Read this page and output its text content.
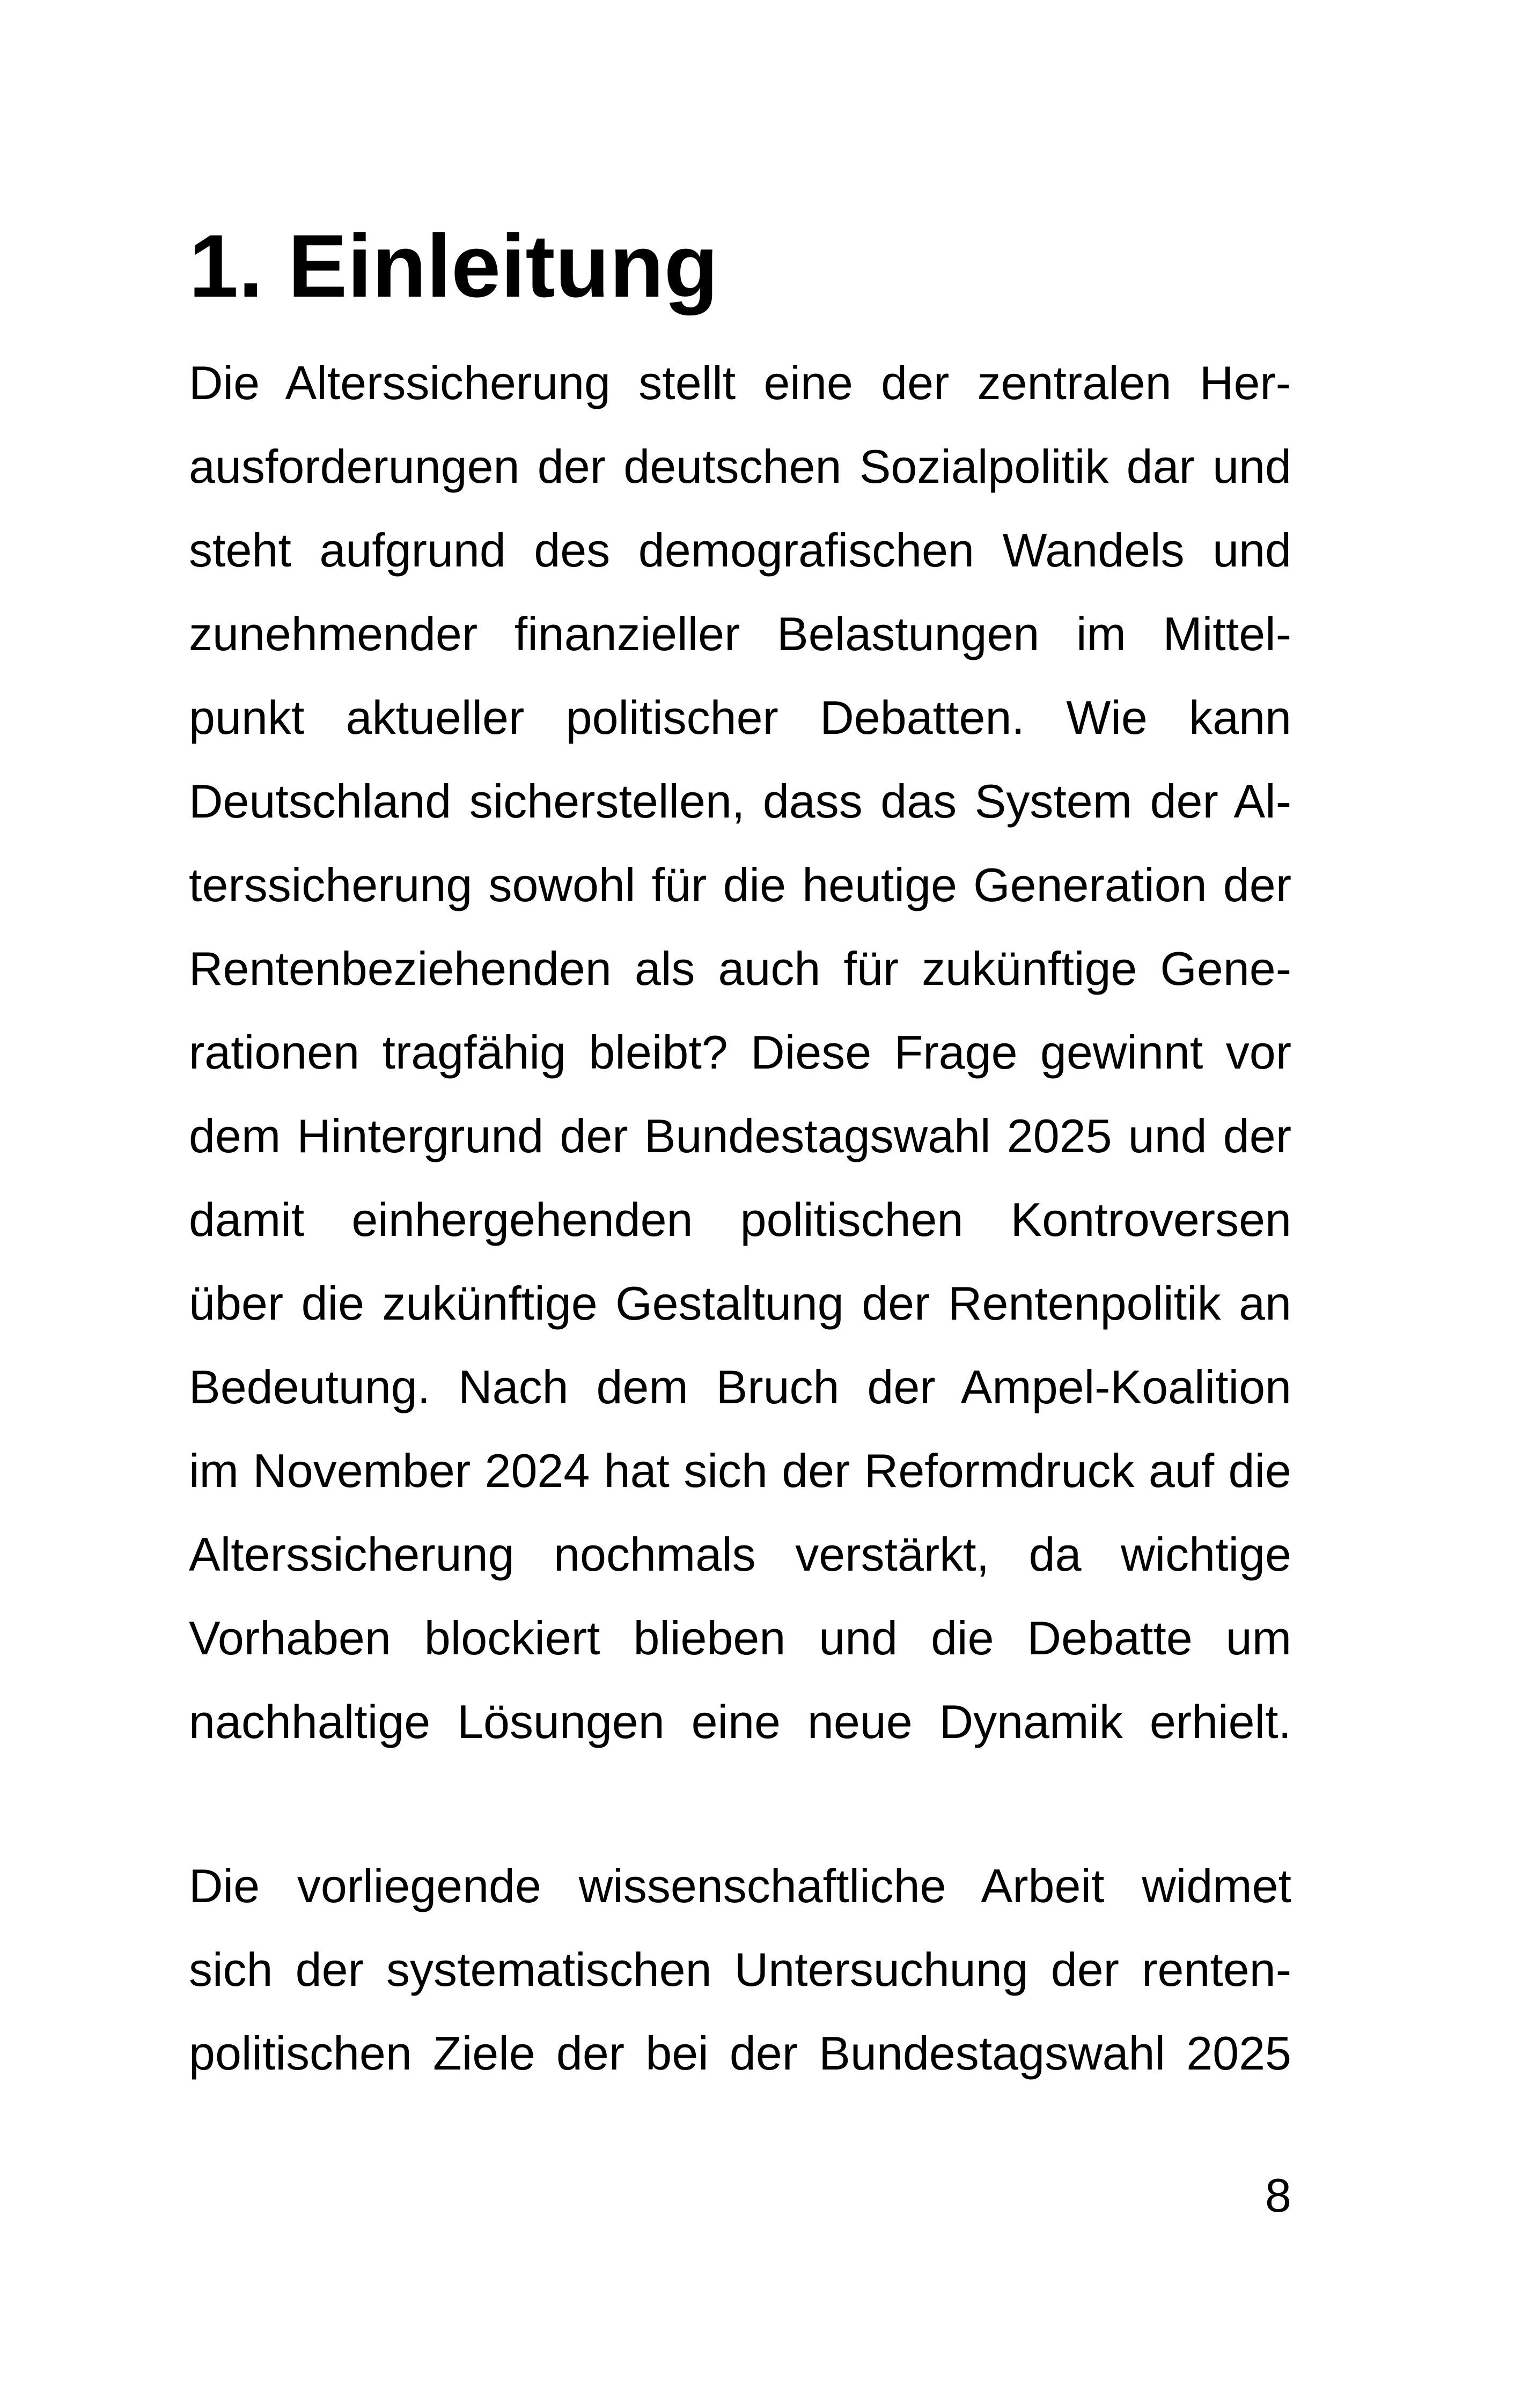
1. Einleitung
Die Alterssicherung stellt eine der zentralen Her-
ausforderungen der deutschen Sozialpolitik dar und
steht aufgrund des demografischen Wandels und
zunehmender finanzieller Belastungen im Mittel-
punkt aktueller politischer Debatten. Wie kann
Deutschland sicherstellen, dass das System der Al-
terssicherung sowohl für die heutige Generation der
Rentenbeziehenden als auch für zukünftige Gene-
rationen tragfähig bleibt? Diese Frage gewinnt vor
dem Hintergrund der Bundestagswahl 2025 und der
damit einhergehenden politischen Kontroversen
über die zukünftige Gestaltung der Rentenpolitik an
Bedeutung. Nach dem Bruch der Ampel-Koalition
im November 2024 hat sich der Reformdruck auf die
Alterssicherung nochmals verstärkt, da wichtige
Vorhaben blockiert blieben und die Debatte um
nachhaltige Lösungen eine neue Dynamik erhielt.
Die vorliegende wissenschaftliche Arbeit widmet
sich der systematischen Untersuchung der renten-
politischen Ziele der bei der Bundestagswahl 2025
8
